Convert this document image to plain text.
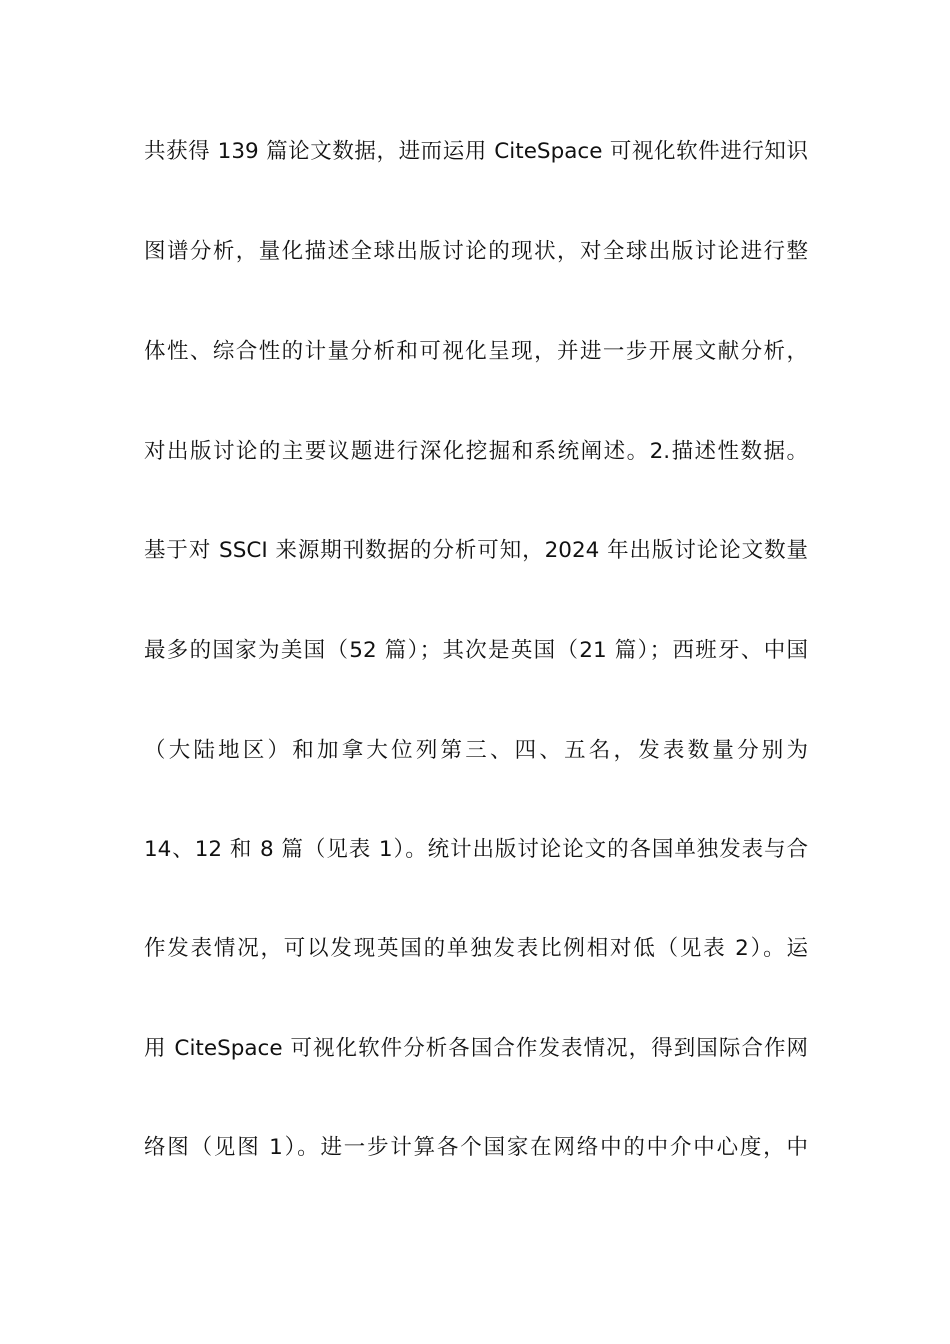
共获得 139 篇论文数据，进而运用 CiteSpace 可视化软件进行知识
图谱分析，量化描述全球出版讨论的现状，对全球出版讨论进行整
体性、综合性的计量分析和可视化呈现，并进一步开展文献分析，
对出版讨论的主要议题进行深化挖掘和系统阐述。2.描述性数据。
基于对 SSCI 来源期刊数据的分析可知，2024 年出版讨论论文数量
最多的国家为美国（52 篇）；其次是英国（21 篇）；西班牙、中国
（大陆地区）和加拿大位列第三、四、五名，发表数量分别为
14、12 和 8 篇（见表 1）。统计出版讨论论文的各国单独发表与合
作发表情况，可以发现英国的单独发表比例相对低（见表 2）。运
用 CiteSpace 可视化软件分析各国合作发表情况，得到国际合作网
络图（见图 1）。进一步计算各个国家在网络中的中介中心度，中
